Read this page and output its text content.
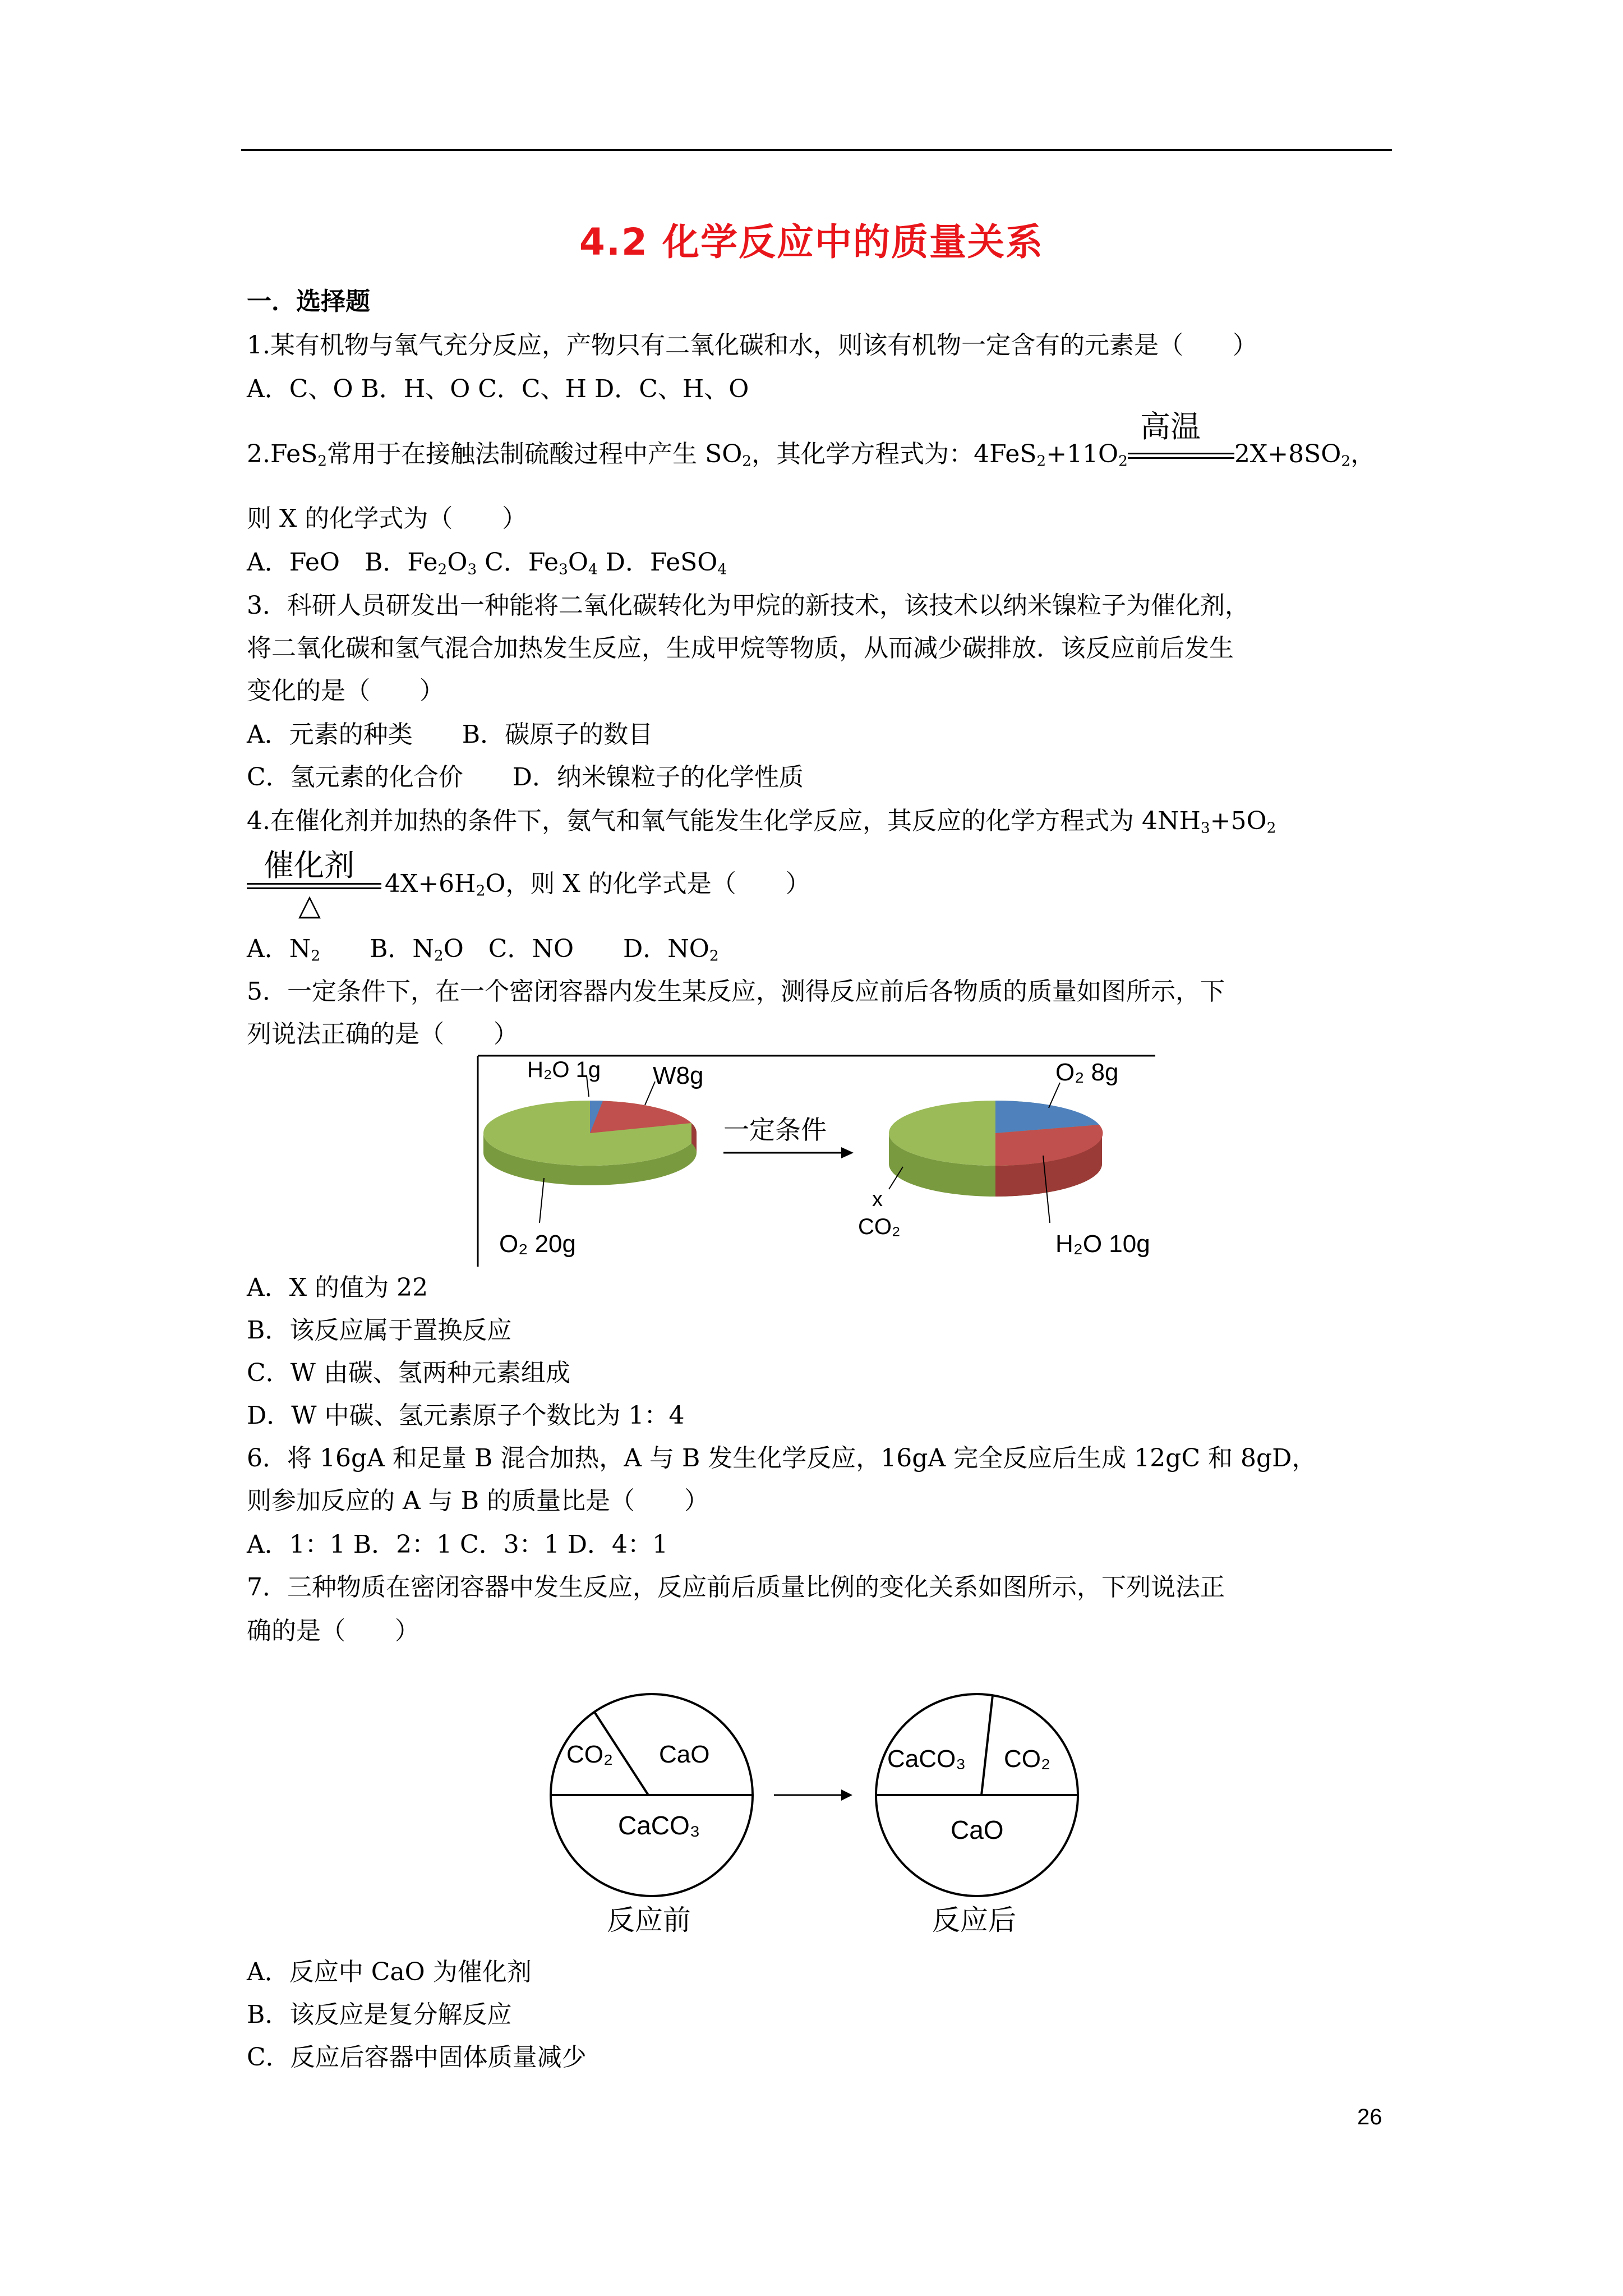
4.2 化学反应中的质量关系
一．选择题
1.某有机物与氧气充分反应，产物只有二氧化碳和水，则该有机物一定含有的元素是（　　）
A．C、O B．H、O C．C、H D．C、H、O
2.FeS$_2$常用于在接触法制硫酸过程中产生 $SO_2$，其化学方程式为：$4FeS_2+11O_2$
高温
$2X+8SO_2$，
则 X 的化学式为（　　）
A．FeO　B．$Fe_2O_3$ C．$Fe_3O_4$ D．FeSO$_4$
3．科研人员研发出一种能将二氧化碳转化为甲烷的新技术，该技术以纳米镍粒子为催化剂，
将二氧化碳和氢气混合加热发生反应，生成甲烷等物质，从而减少碳排放．该反应前后发生
变化的是（　　）
A．元素的种类　　B．碳原子的数目
C．氢元素的化合价　　D．纳米镍粒子的化学性质
4.在催化剂并加热的条件下，氨气和氧气能发生化学反应，其反应的化学方程式为 $4NH_3+5O_2$
催化剂
△
$4X+6H_2O$，则 X 的化学式是（　　）
A．$N_2$　　B．$N_2O$　C．NO　　D．$NO_2$
5．一定条件下，在一个密闭容器内发生某反应，测得反应前后各物质的质量如图所示，下
列说法正确的是（　　）
H₂O 1g W8g
O₂ 20g
一定条件
O₂ 8g
x
CO₂
H₂O 10g
A．X 的值为 22
B．该反应属于置换反应
C．W 由碳、氢两种元素组成
D．W 中碳、氢元素原子个数比为 1：4
6．将 16gA 和足量 B 混合加热，A 与 B 发生化学反应，16gA 完全反应后生成 12gC 和 8gD，
则参加反应的 A 与 B 的质量比是（　　）
A．1：1 B．2：1 C．3：1 D．4：1
7．三种物质在密闭容器中发生反应，反应前后质量比例的变化关系如图所示，下列说法正
确的是（　　）
CO₂ CaO
CaCO₃
CaCO₃ CO₂
CaO
反应前	反应后
A．反应中 CaO 为催化剂
B．该反应是复分解反应
C．反应后容器中固体质量减少
26
